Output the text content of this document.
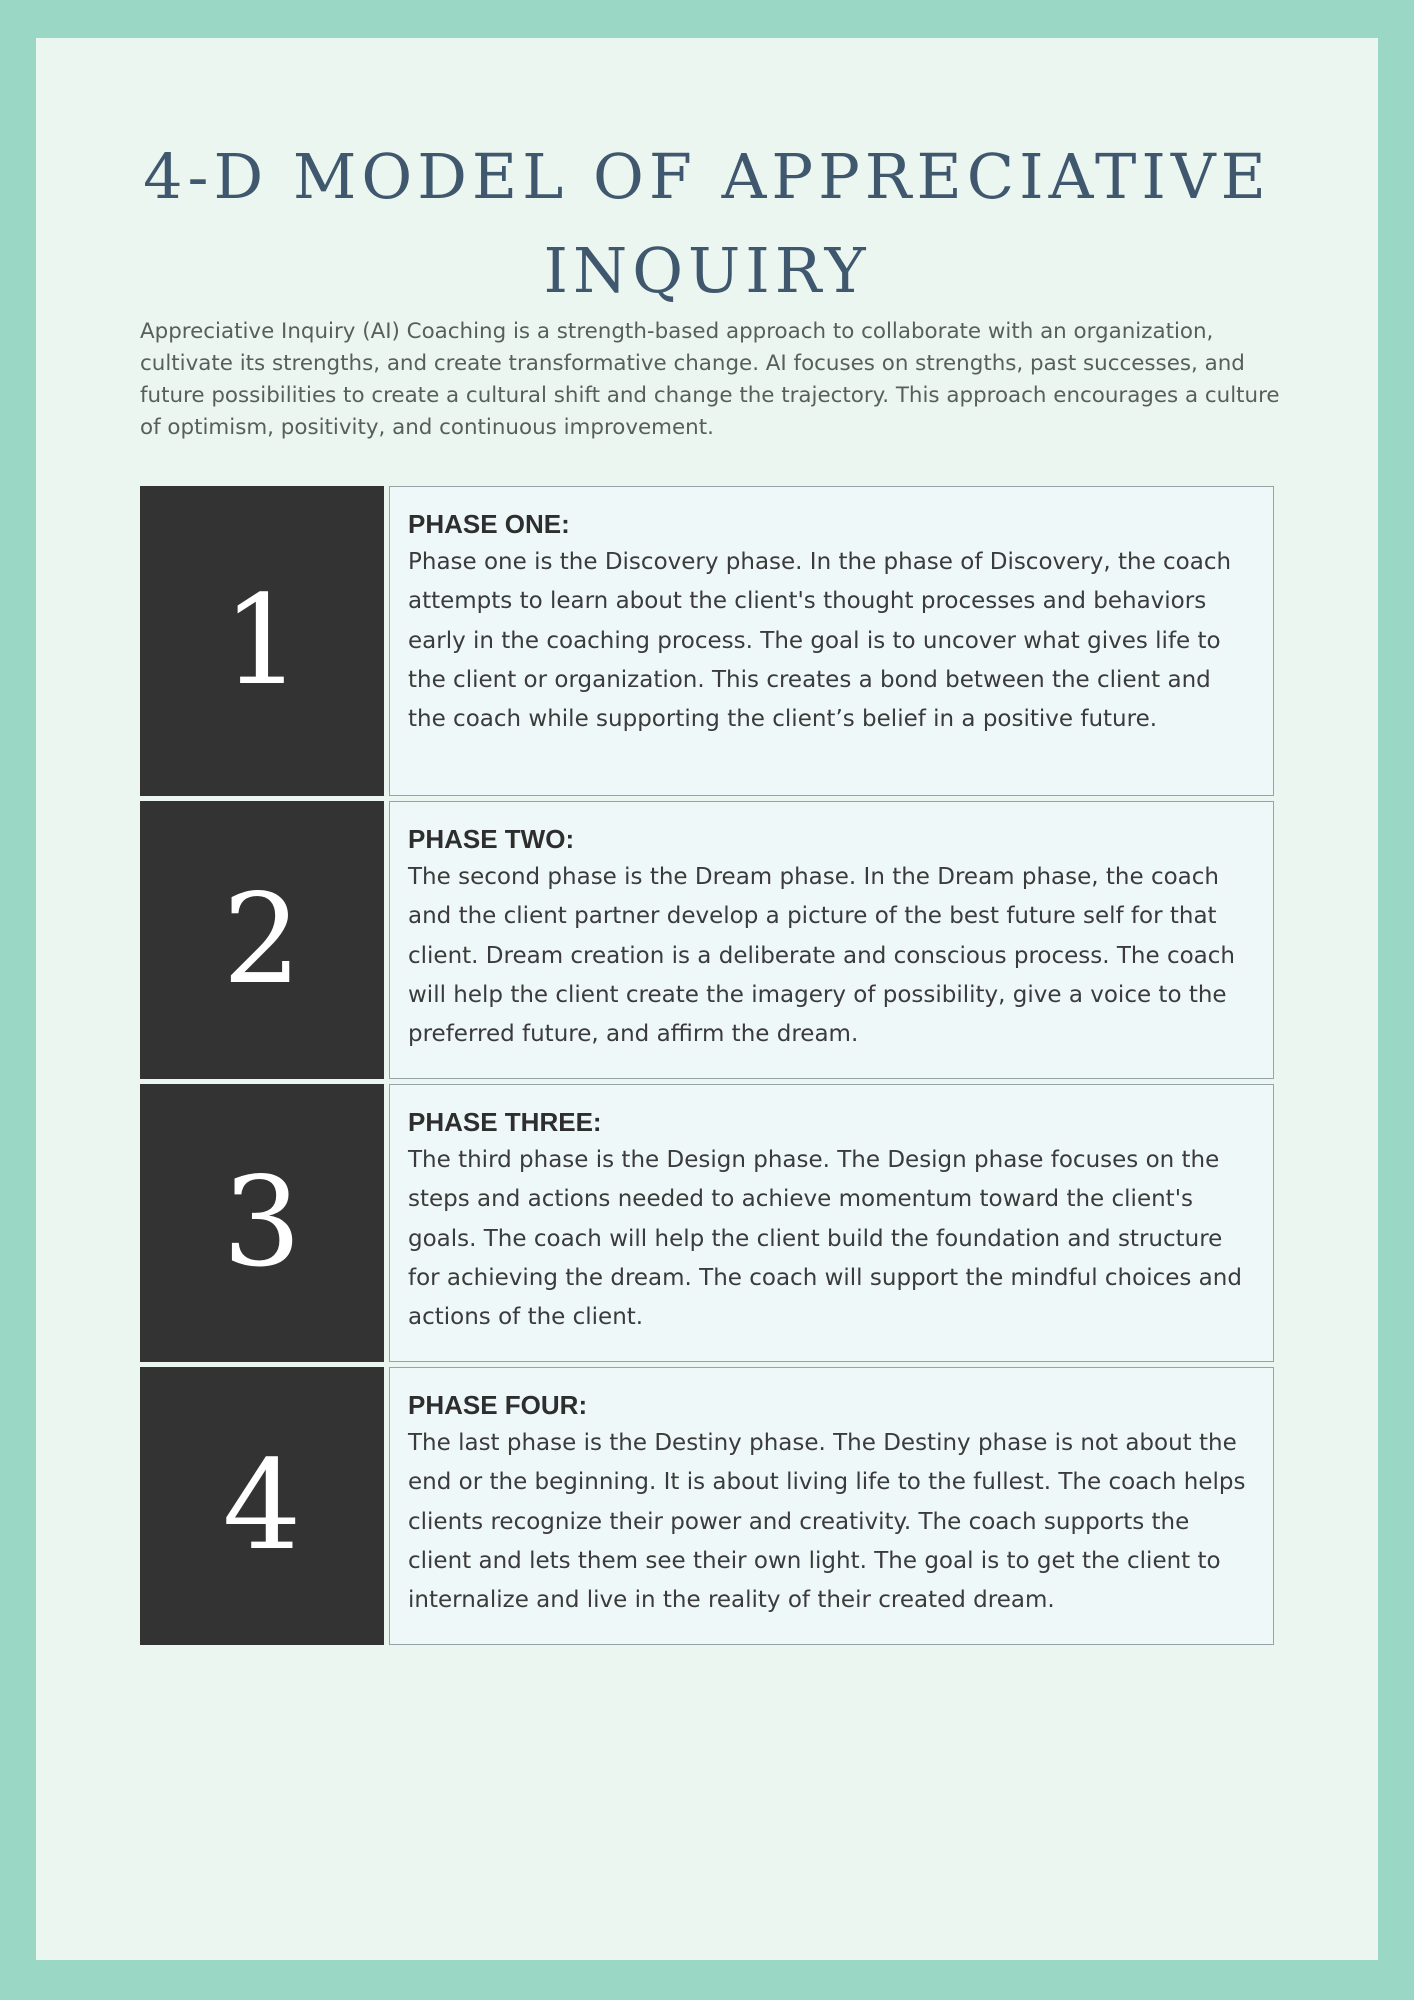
4-D MODEL OF APPRECIATIVE INQUIRY

Appreciative Inquiry (AI) Coaching is a strength-based approach to collaborate with an organization, cultivate its strengths, and create transformative change. AI focuses on strengths, past successes, and future possibilities to create a cultural shift and change the trajectory. This approach encourages a culture of optimism, positivity, and continuous improvement.

1
PHASE ONE:
Phase one is the Discovery phase. In the phase of Discovery, the coach attempts to learn about the client's thought processes and behaviors early in the coaching process. The goal is to uncover what gives life to the client or organization. This creates a bond between the client and the coach while supporting the client’s belief in a positive future.
2
PHASE TWO:
The second phase is the Dream phase. In the Dream phase, the coach and the client partner develop a picture of the best future self for that client. Dream creation is a deliberate and conscious process. The coach will help the client create the imagery of possibility, give a voice to the preferred future, and affirm the dream.
3
PHASE THREE:
The third phase is the Design phase. The Design phase focuses on the steps and actions needed to achieve momentum toward the client's goals. The coach will help the client build the foundation and structure for achieving the dream. The coach will support the mindful choices and actions of the client.
4
PHASE FOUR:
The last phase is the Destiny phase. The Destiny phase is not about the end or the beginning. It is about living life to the fullest. The coach helps clients recognize their power and creativity. The coach supports the client and lets them see their own light. The goal is to get the client to internalize and live in the reality of their created dream.
